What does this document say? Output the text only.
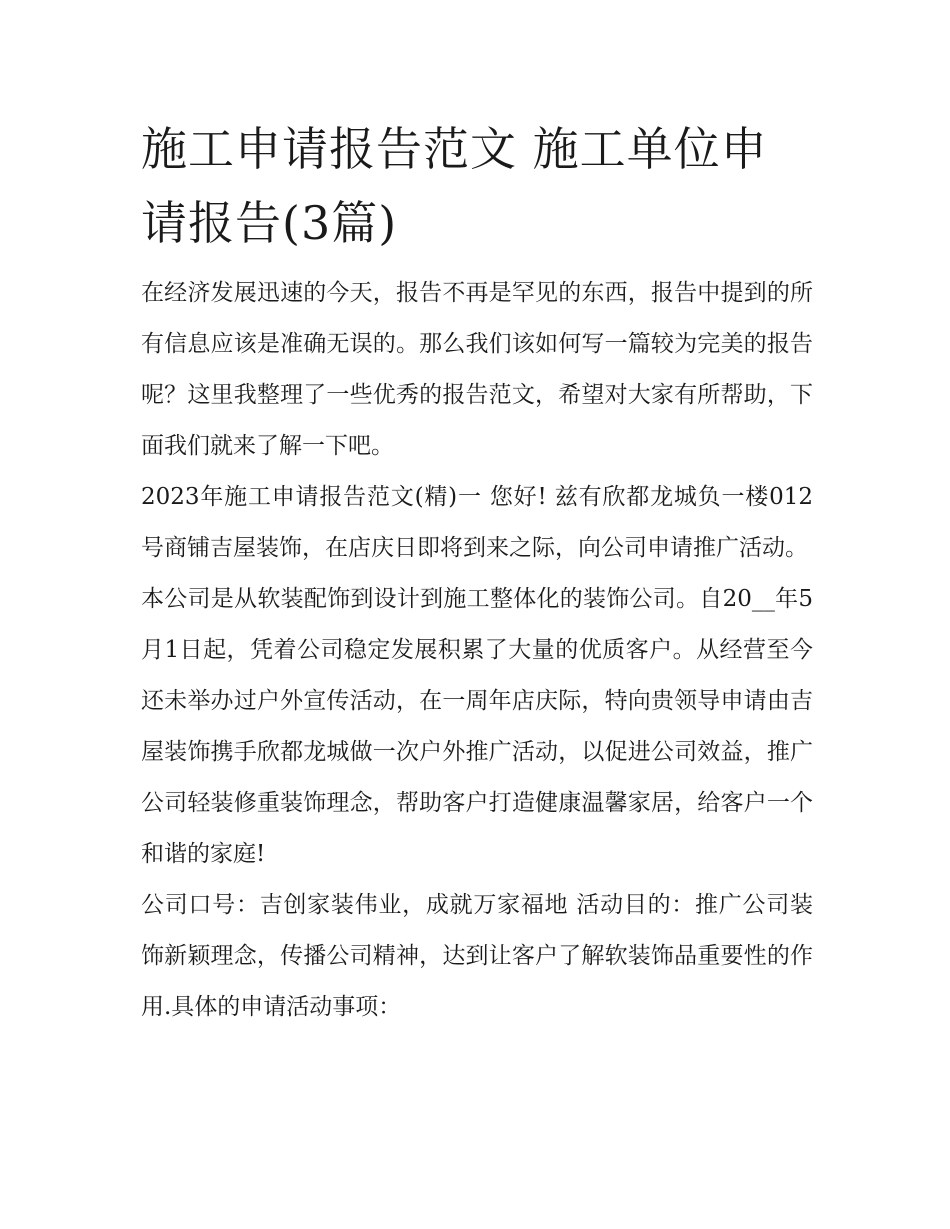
施工申请报告范文 施工单位申请报告(3篇)

在经济发展迅速的今天，报告不再是罕见的东西，报告中提到的所有信息应该是准确无误的。那么我们该如何写一篇较为完美的报告呢？这里我整理了一些优秀的报告范文，希望对大家有所帮助，下面我们就来了解一下吧。

2023年施工申请报告范文(精)一 您好! 兹有欣都龙城负一楼012号商铺吉屋装饰，在店庆日即将到来之际，向公司申请推广活动。

本公司是从软装配饰到设计到施工整体化的装饰公司。自20__年5月1日起，凭着公司稳定发展积累了大量的优质客户。从经营至今还未举办过户外宣传活动，在一周年店庆际，特向贵领导申请由吉屋装饰携手欣都龙城做一次户外推广活动，以促进公司效益，推广公司轻装修重装饰理念，帮助客户打造健康温馨家居，给客户一个和谐的家庭!

公司口号：吉创家装伟业，成就万家福地 活动目的：推广公司装饰新颖理念，传播公司精神，达到让客户了解软装饰品重要性的作用.具体的申请活动事项：
